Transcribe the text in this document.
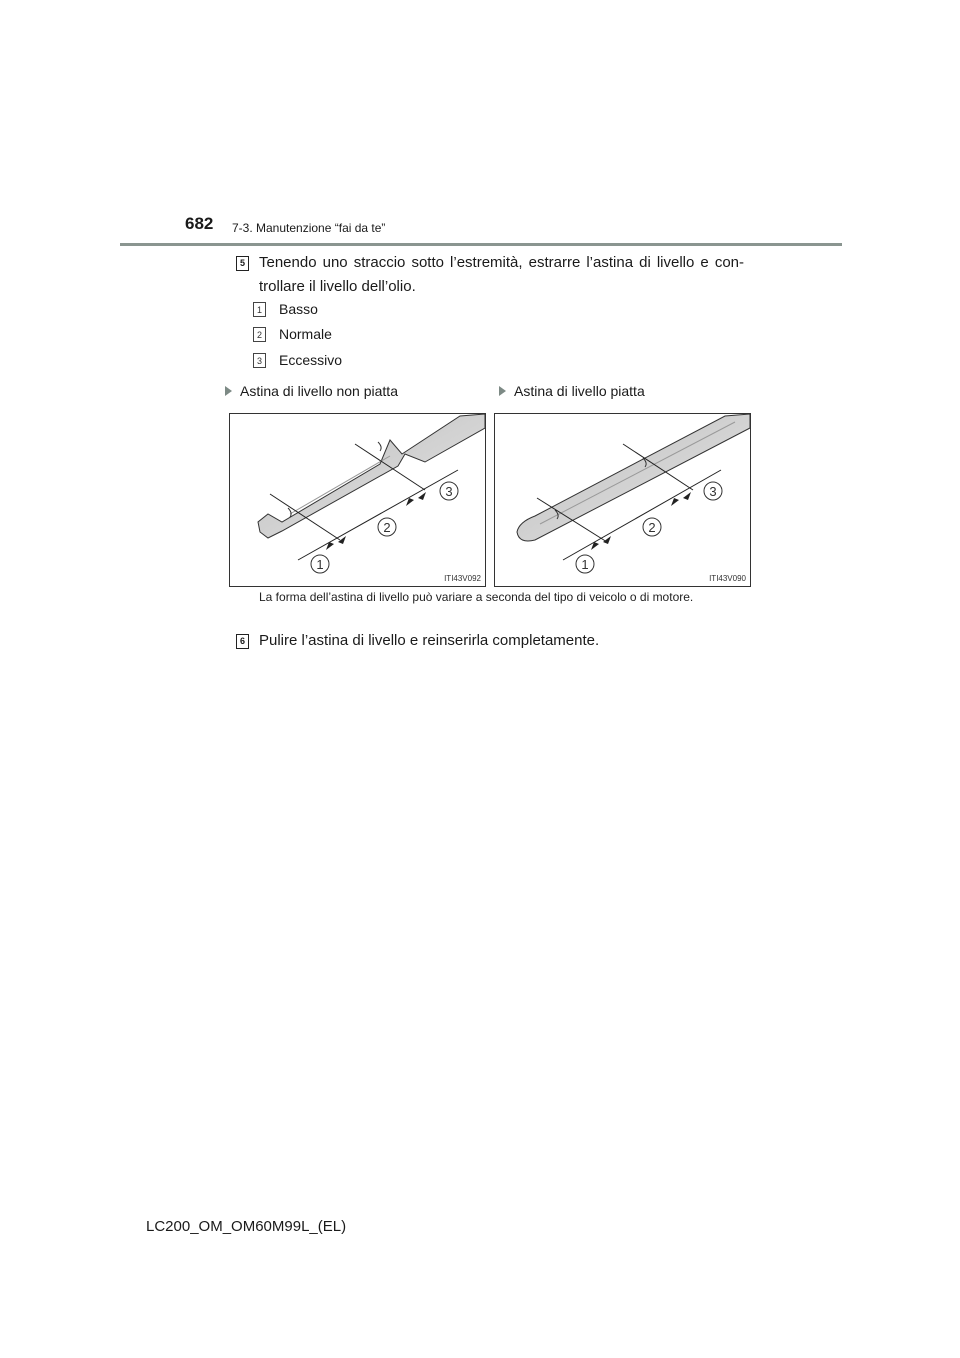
682 7-3. Manutenzione “fai da te”
5 Tenendo uno straccio sotto l’estremità, estrarre l’astina di livello e con-trollare il livello dell’olio.
1 Basso
2 Normale
3 Eccessivo
Astina di livello non piatta	Astina di livello piatta
1
2
3
ITI43V092
1
2
3
ITI43V090
La forma dell’astina di livello può variare a seconda del tipo di veicolo o di motore.
6 Pulire l’astina di livello e reinserirla completamente.
LC200_OM_OM60M99L_(EL)
